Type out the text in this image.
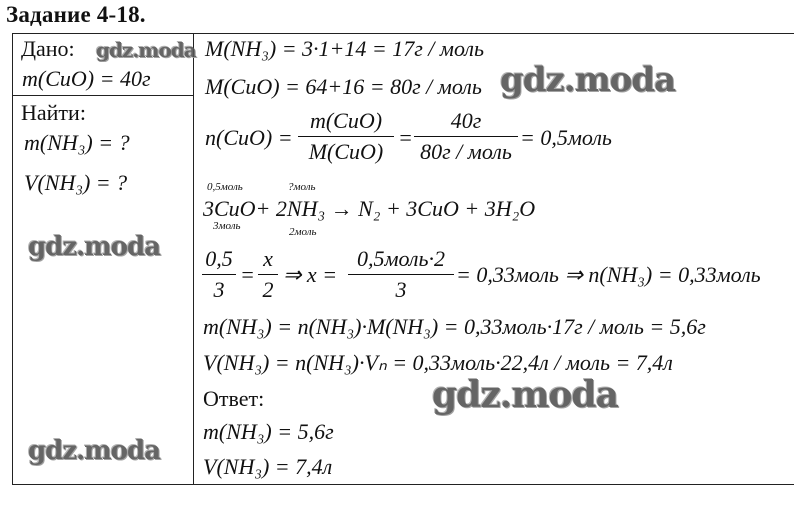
Задание 4-18.
Дано:
m(CuO) = 40г
Найти:
m(NH₃) = ?
V(NH₃) = ?
M(NH₃) = 3·1+14 = 17г / моль
M(CuO) = 64+16 = 80г / моль
n(CuO) =
m(CuO)
M(CuO)
=
40г
80г / моль
= 0,5моль
0,5моль	?моль
3CuO+ 2NH₃ → N₂ + 3CuO + 3H₂O
3моль	2моль
0,5
3
=
x
2
⇒ x =
0,5моль·2
3
= 0,33моль ⇒ n(NH₃) = 0,33моль
m(NH₃) = n(NH₃)·M(NH₃) = 0,33моль·17г / моль = 5,6г
V(NH₃) = n(NH₃)·Vₙ = 0,33моль·22,4л / моль = 7,4л
Ответ:
m(NH₃) = 5,6г
V(NH₃) = 7,4л
gdz.moda
gdz.moda
gdz.moda
gdz.moda
gdz.moda
